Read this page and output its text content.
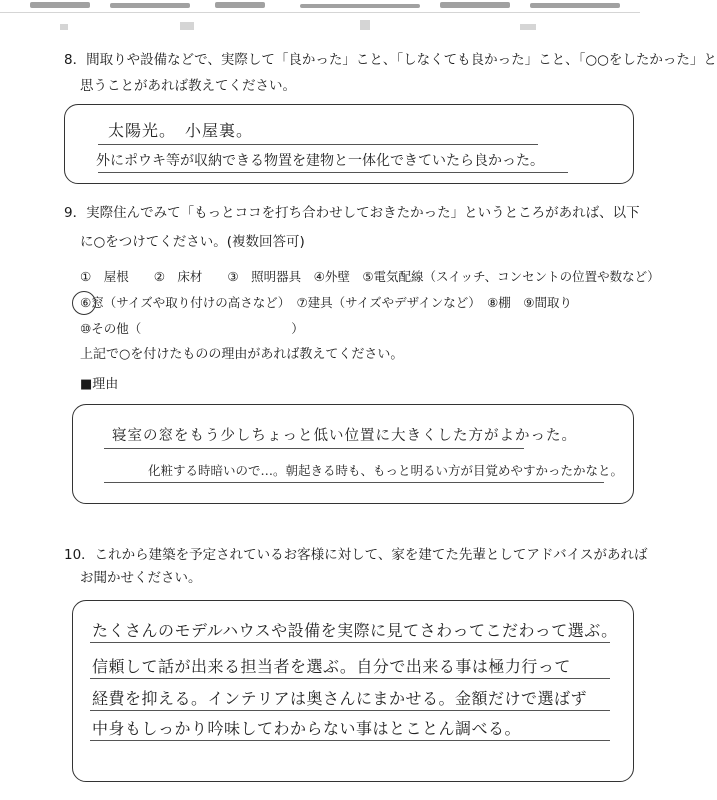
8．間取りや設備などで、実際して「良かった」こと、「しなくても良かった」こと、「○○をしたかった」と
思うことがあれば教えてください。
太陽光。　小屋裏。
外にポウキ等が収納できる物置を建物と一体化できていたら良かった。
9．実際住んでみて「もっとココを打ち合わせしておきたかった」というところがあれば、以下
に○をつけてください。(複数回答可)
①　屋根　　②　床材　　③　照明器具　④外壁　⑤電気配線（スイッチ、コンセントの位置や数など）
⑥窓（サイズや取り付けの高さなど）　⑦建具（サイズやデザインなど）　⑧棚　⑨間取り
⑩その他（　　　　　　　　　　　　）
上記で○を付けたものの理由があれば教えてください。
■理由
寝室の窓をもう少しちょっと低い位置に大きくした方がよかった。
化粧する時暗いので…。朝起きる時も、もっと明るい方が目覚めやすかったかなと。
10．これから建築を予定されているお客様に対して、家を建てた先輩としてアドバイスがあれば
お聞かせください。
たくさんのモデルハウスや設備を実際に見てさわってこだわって選ぶ。
信頼して話が出来る担当者を選ぶ。自分で出来る事は極力行って
経費を抑える。インテリアは奥さんにまかせる。金額だけで選ばず
中身もしっかり吟味してわからない事はとことん調べる。
